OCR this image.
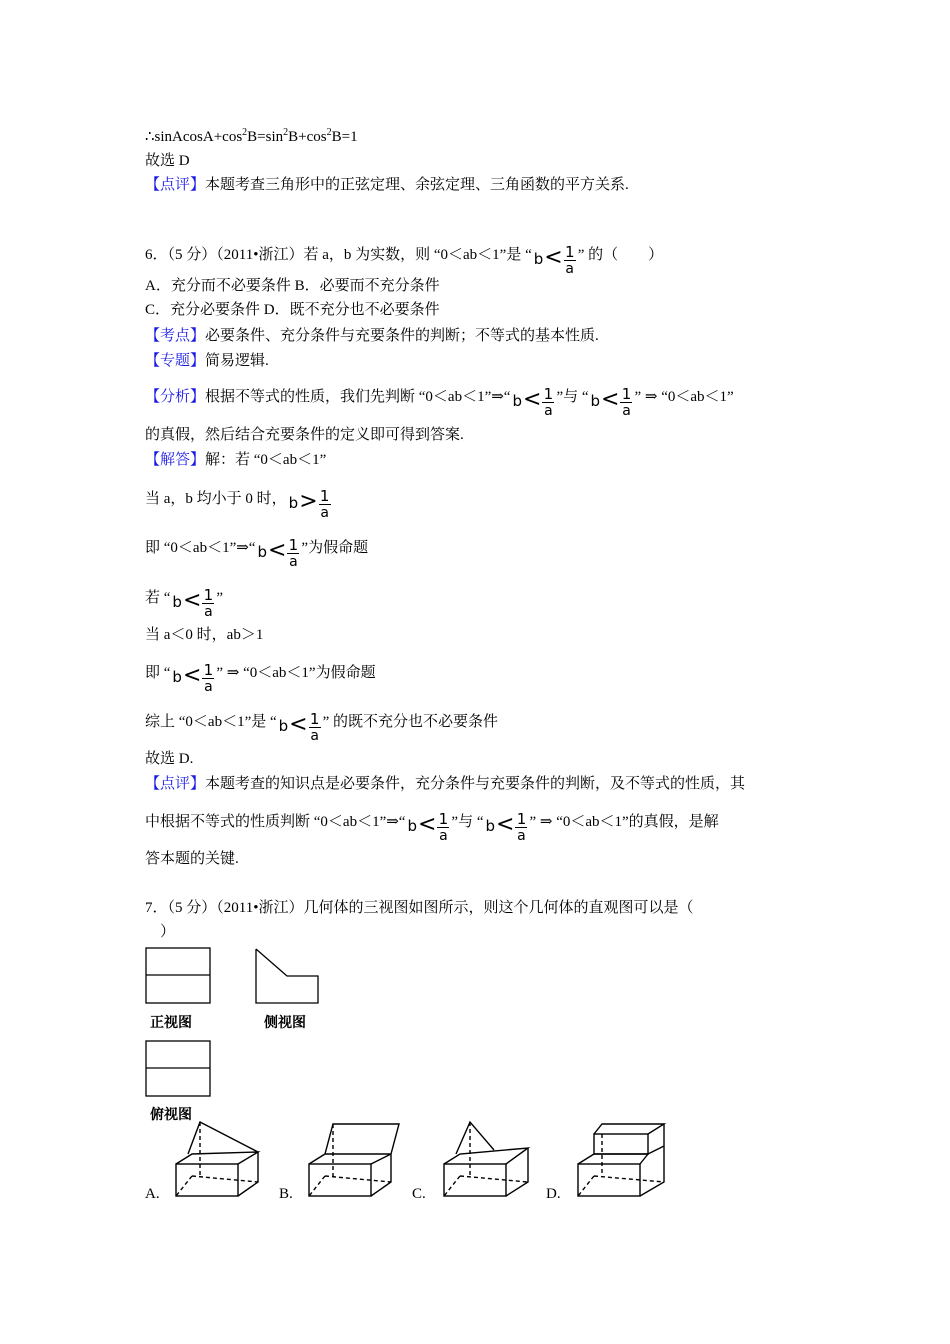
$\therefore sinAcosA+\cos^2B=\sin^2B+\cos^2B=1$
故选 D
【点评】本题考查三角形中的正弦定理、余弦定理、三角函数的平方关系.
6．（5 分）（2011•浙江）若 a，b 为实数，则 “0＜ab＜1”是 “ $b < \frac{1}{a}$ ” 的（　　）
A．充分而不必要条件 B．必要而不充分条件
C．充分必要条件 D．既不充分也不必要条件
【考点】必要条件、充分条件与充要条件的判断；不等式的基本性质.
【专题】简易逻辑.
【分析】根据不等式的性质，我们先判断 “0＜ab＜1”⇒“ $b < \frac{1}{a}$ ”与 “ $b < \frac{1}{a}$ ” ⇒ “0＜ab＜1”
的真假，然后结合充要条件的定义即可得到答案.
【解答】解：若 “0＜ab＜1”
当 a，b 均小于 0 时， $b > \frac{1}{a}$
即 “0＜ab＜1”⇒“ $b < \frac{1}{a}$ ”为假命题
若 “ $b < \frac{1}{a}$ ”
当 a＜0 时，ab＞1
即 “ $b < \frac{1}{a}$ ” ⇒ “0＜ab＜1”为假命题
综上 “0＜ab＜1”是 “ $b < \frac{1}{a}$ ” 的既不充分也不必要条件
故选 D.
【点评】本题考查的知识点是必要条件，充分条件与充要条件的判断，及不等式的性质，其
中根据不等式的性质判断 “0＜ab＜1”⇒“ $b < \frac{1}{a}$ ”与 “ $b < \frac{1}{a}$ ” ⇒ “0＜ab＜1”的真假，是解
答本题的关键.
7．（5 分）（2011•浙江）几何体的三视图如图所示，则这个几何体的直观图可以是（
）
正视图	侧视图
俯视图
A.	B.	C.	D.
